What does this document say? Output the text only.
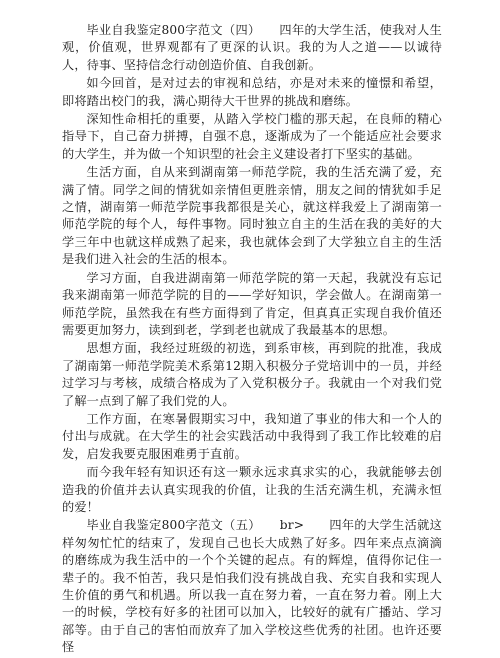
毕业自我鉴定800字范文（四）　　四年的大学生活，使我对人生观，价值观，世界观都有了更深的认识。我的为人之道——以诚待人，待事、坚持信念行动创造价值、自我创新。

如今回首，是对过去的审视和总结，亦是对未来的憧憬和希望，即将踏出校门的我，满心期待大干世界的挑战和磨练。

深知性命相托的重要，从踏入学校门槛的那天起，在良师的精心指导下，自己奋力拼搏，自强不息，逐渐成为了一个能适应社会要求的大学生，并为做一个知识型的社会主义建设者打下坚实的基础。

生活方面，自从来到湖南第一师范学院，我的生活充满了爱，充满了情。同学之间的情犹如亲情但更胜亲情，朋友之间的情犹如手足之情，湖南第一师范学院事我都很是关心，就这样我爱上了湖南第一师范学院的每个人，每件事物。同时独立自主的生活在我的美好的大学三年中也就这样成熟了起来，我也就体会到了大学独立自主的生活是我们进入社会的生活的根本。

学习方面，自我进湖南第一师范学院的第一天起，我就没有忘记我来湖南第一师范学院的目的——学好知识，学会做人。在湖南第一师范学院，虽然我在有些方面得到了肯定，但真真正实现自我价值还需要更加努力，读到到老，学到老也就成了我最基本的思想。

思想方面，我经过班级的初选，到系审核，再到院的批准，我成了湖南第一师范学院美术系第12期入积极分子党培训中的一员，并经过学习与考核，成绩合格成为了入党积极分子。我就由一个对我们党了解一点到了解了我们党的人。

工作方面，在寒暑假期实习中，我知道了事业的伟大和一个人的付出与成就。在大学生的社会实践活动中我得到了我工作比较难的启发，启发我要克服困难勇于直前。

而今我年轻有知识还有这一颗永远求真求实的心，我就能够去创造我的价值并去认真实现我的价值，让我的生活充满生机，充满永恒的爱！

毕业自我鉴定800字范文（五）　　br>　　四年的大学生活就这样匆匆忙忙的结束了，发现自己也长大成熟了好多。四年来点点滴滴的磨练成为我生活中的一个个关键的起点。有的辉煌，值得你记住一辈子的。我不怕苦，我只是怕我们没有挑战自我、充实自我和实现人生价值的勇气和机遇。所以我一直在努力着，一直在努力着。刚上大一的时候，学校有好多的社团可以加入，比较好的就有广播站、学习部等。由于自己的害怕而放弃了加入学校这些优秀的社团。也许还要怪
